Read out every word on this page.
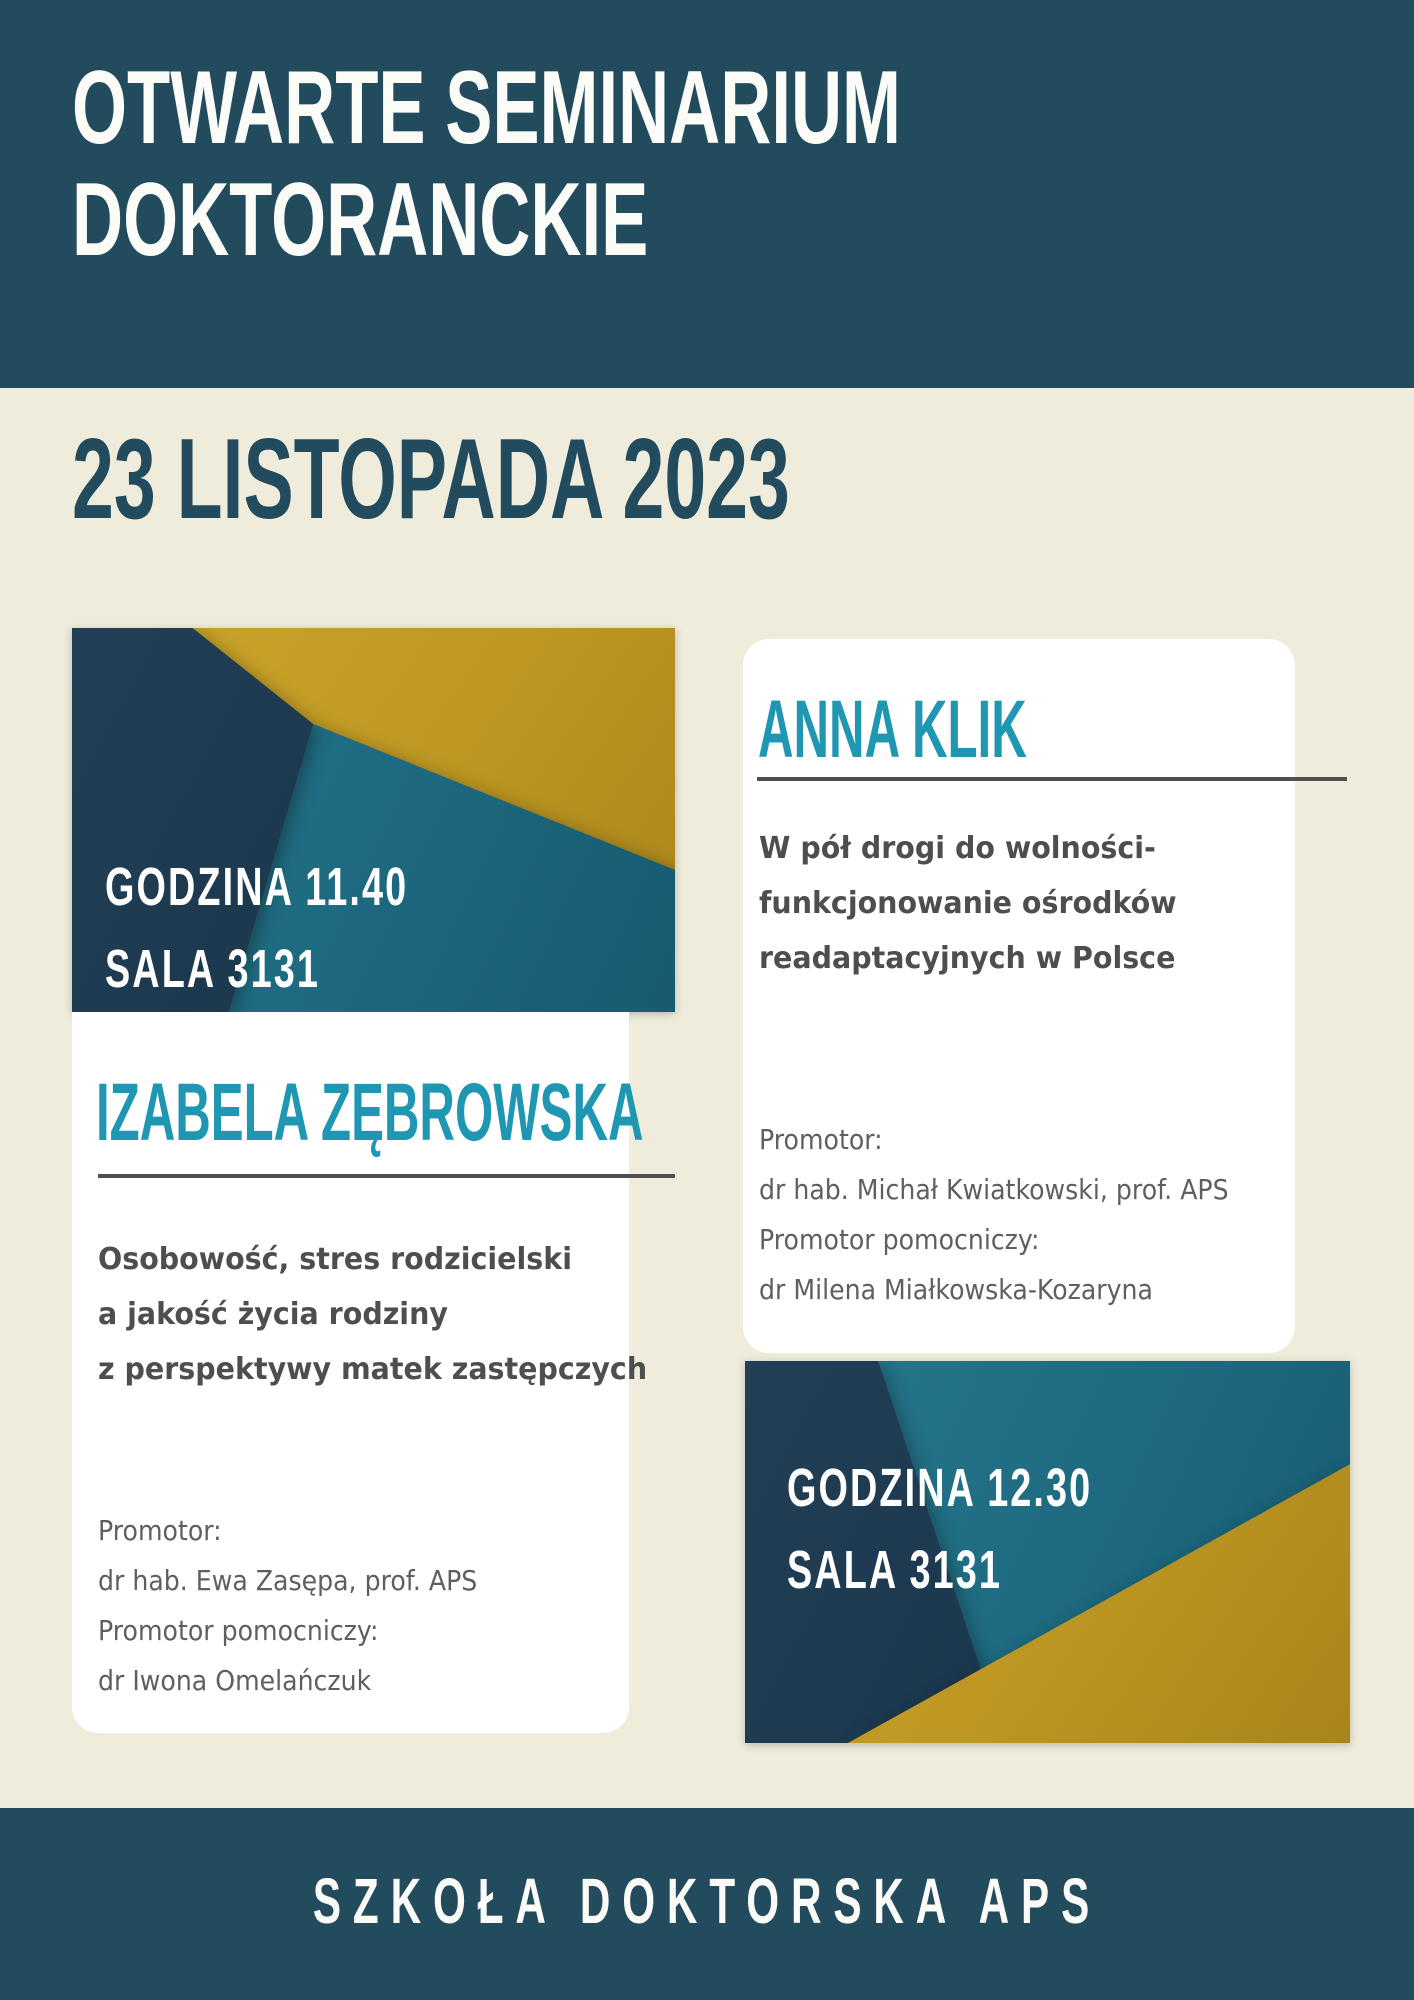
OTWARTE SEMINARIUM
DOKTORANCKIE
23 LISTOPADA 2023
GODZINA 11.40
SALA 3131
IZABELA ZĘBROWSKA
Osobowość, stres rodzicielski
a jakość życia rodziny
z perspektywy matek zastępczych
Promotor:
dr hab. Ewa Zasępa, prof. APS
Promotor pomocniczy:
dr Iwona Omelańczuk
ANNA KLIK
W pół drogi do wolności-
funkcjonowanie ośrodków
readaptacyjnych w Polsce
Promotor:
dr hab. Michał Kwiatkowski, prof. APS
Promotor pomocniczy:
dr Milena Miałkowska-Kozaryna
GODZINA 12.30
SALA 3131

SZKOŁA DOKTORSKA APS
